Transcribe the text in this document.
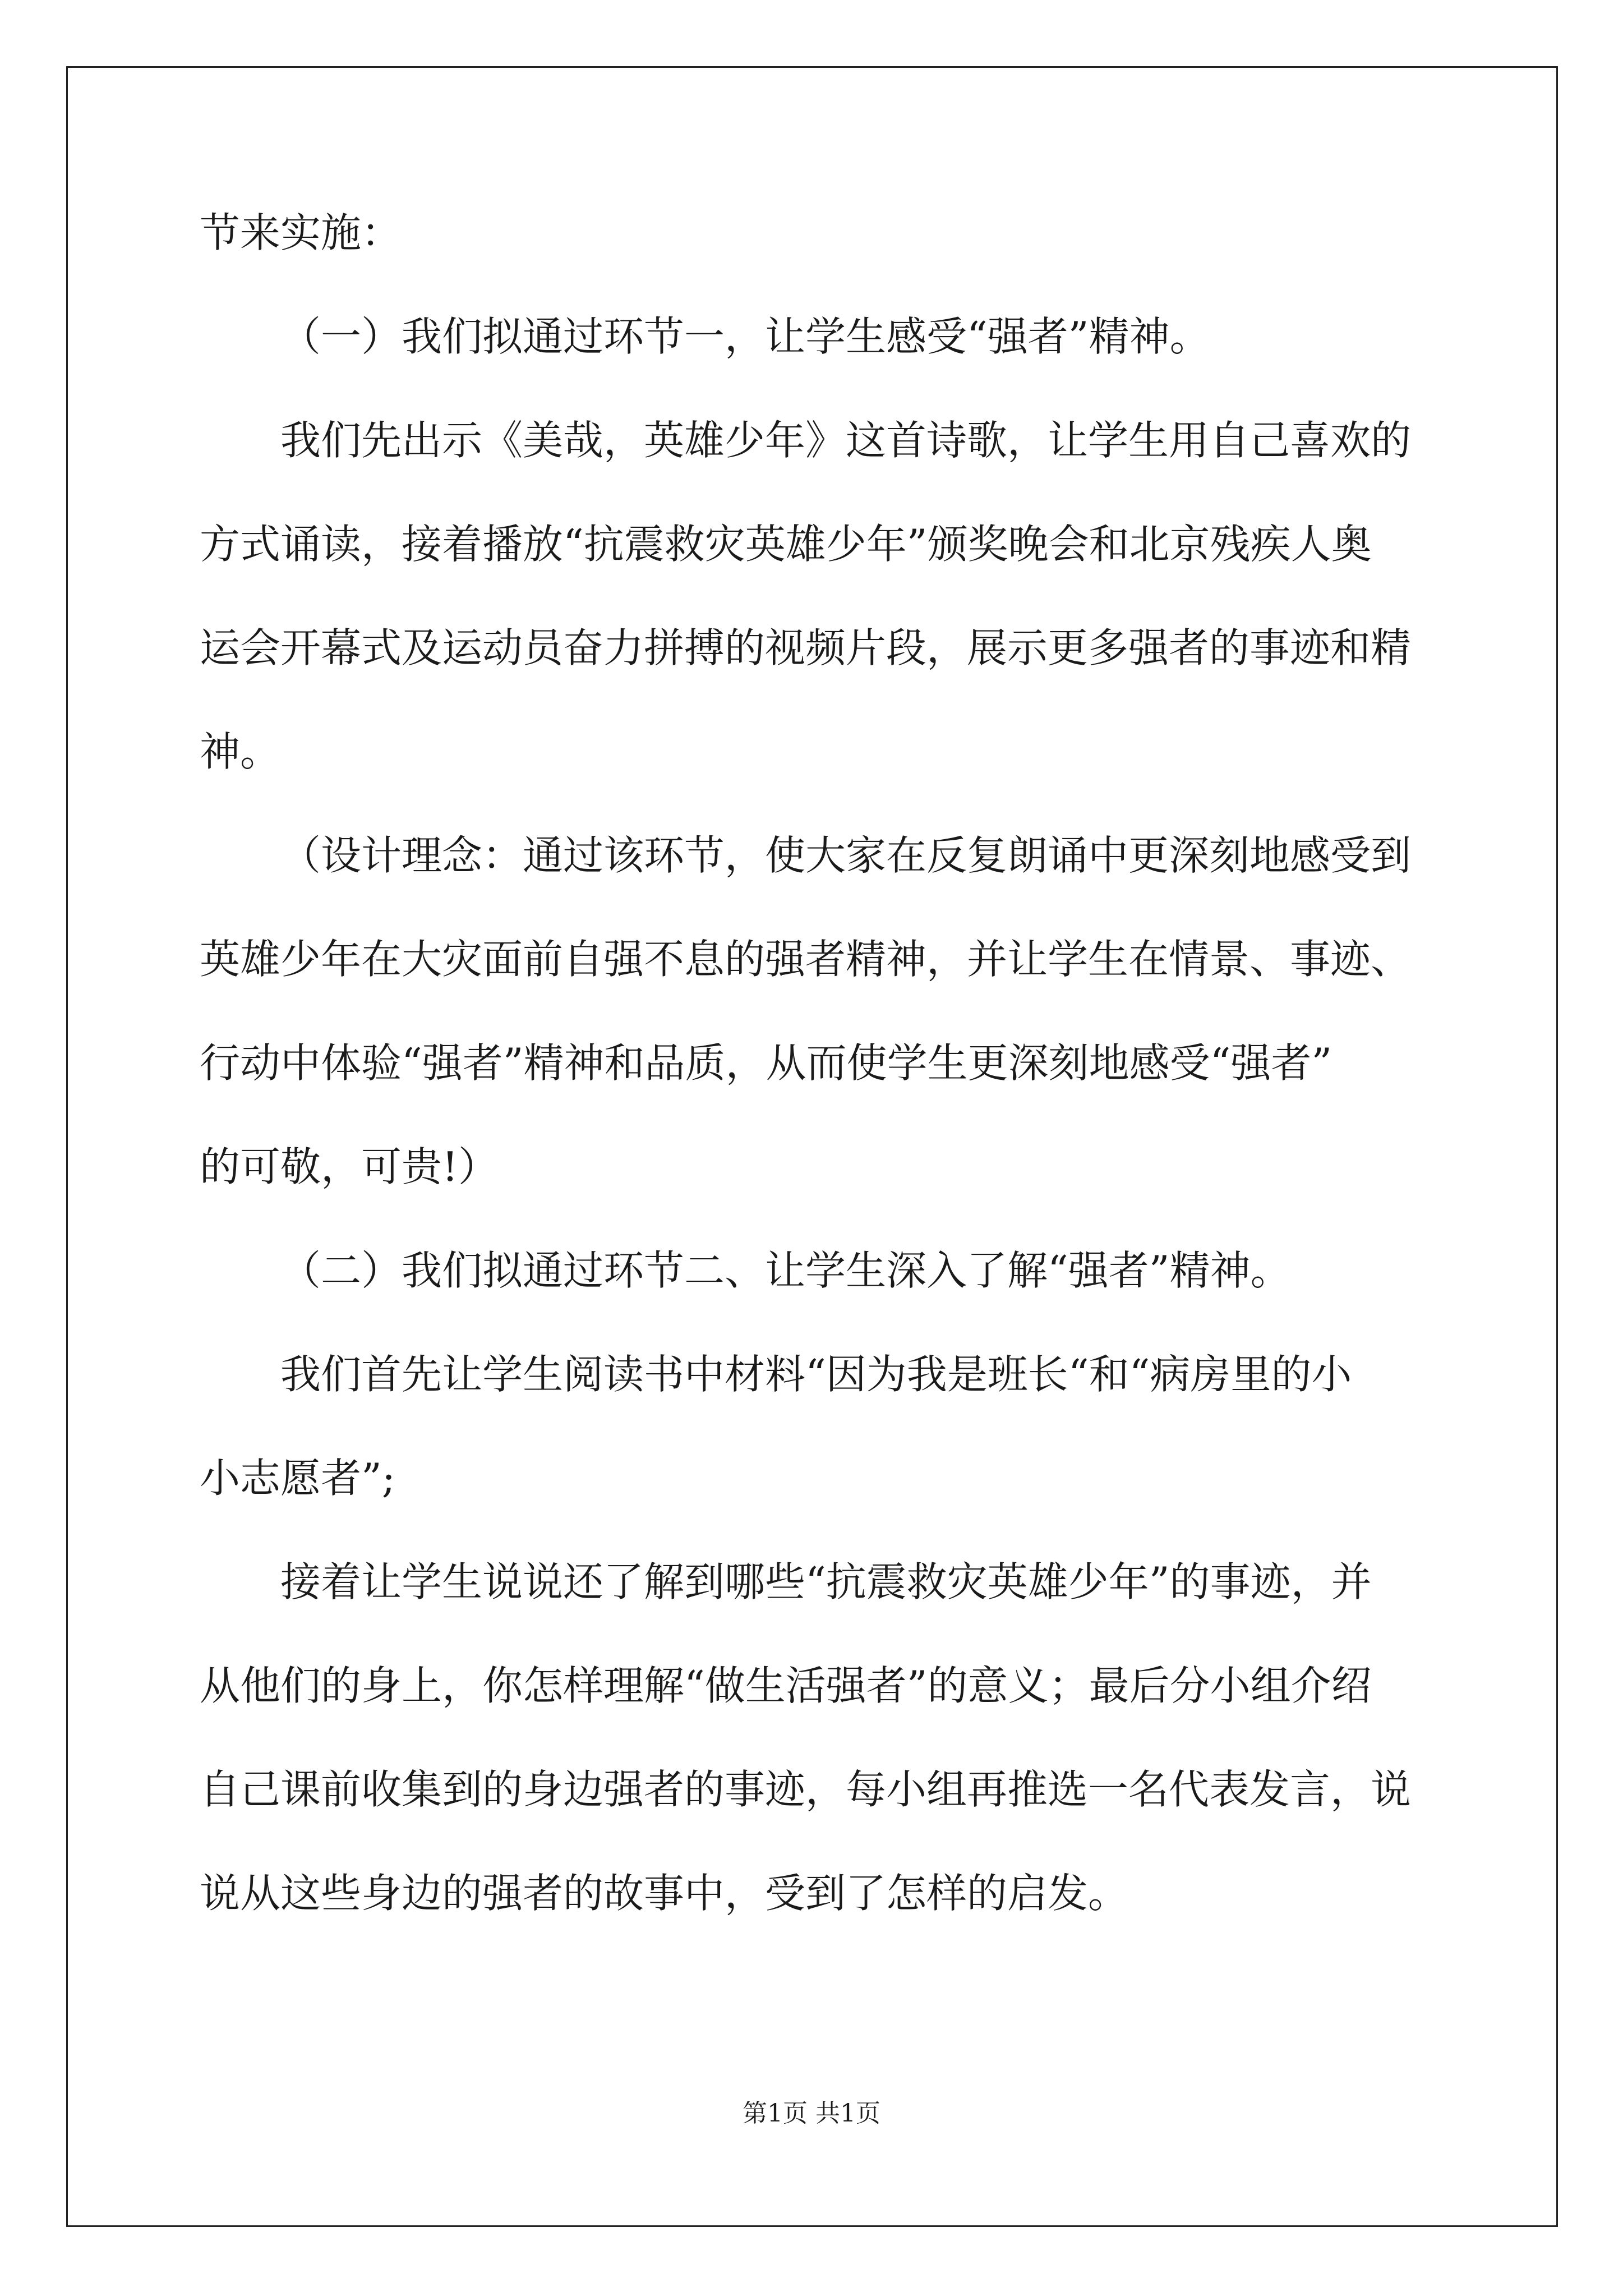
节来实施：
（一）我们拟通过环节一，让学生感受“强者”精神。
我们先出示《美哉，英雄少年》这首诗歌，让学生用自己喜欢的
方式诵读，接着播放“抗震救灾英雄少年”颁奖晚会和北京残疾人奥
运会开幕式及运动员奋力拼搏的视频片段，展示更多强者的事迹和精
神。
（设计理念：通过该环节，使大家在反复朗诵中更深刻地感受到
英雄少年在大灾面前自强不息的强者精神，并让学生在情景、事迹、
行动中体验“强者”精神和品质，从而使学生更深刻地感受“强者”
的可敬，可贵!）
（二）我们拟通过环节二、让学生深入了解“强者”精神。
我们首先让学生阅读书中材料“因为我是班长“和“病房里的小
小志愿者”;
接着让学生说说还了解到哪些“抗震救灾英雄少年”的事迹，并
从他们的身上，你怎样理解“做生活强者”的意义；最后分小组介绍
自己课前收集到的身边强者的事迹，每小组再推选一名代表发言，说
说从这些身边的强者的故事中，受到了怎样的启发。
第1页 共1页
